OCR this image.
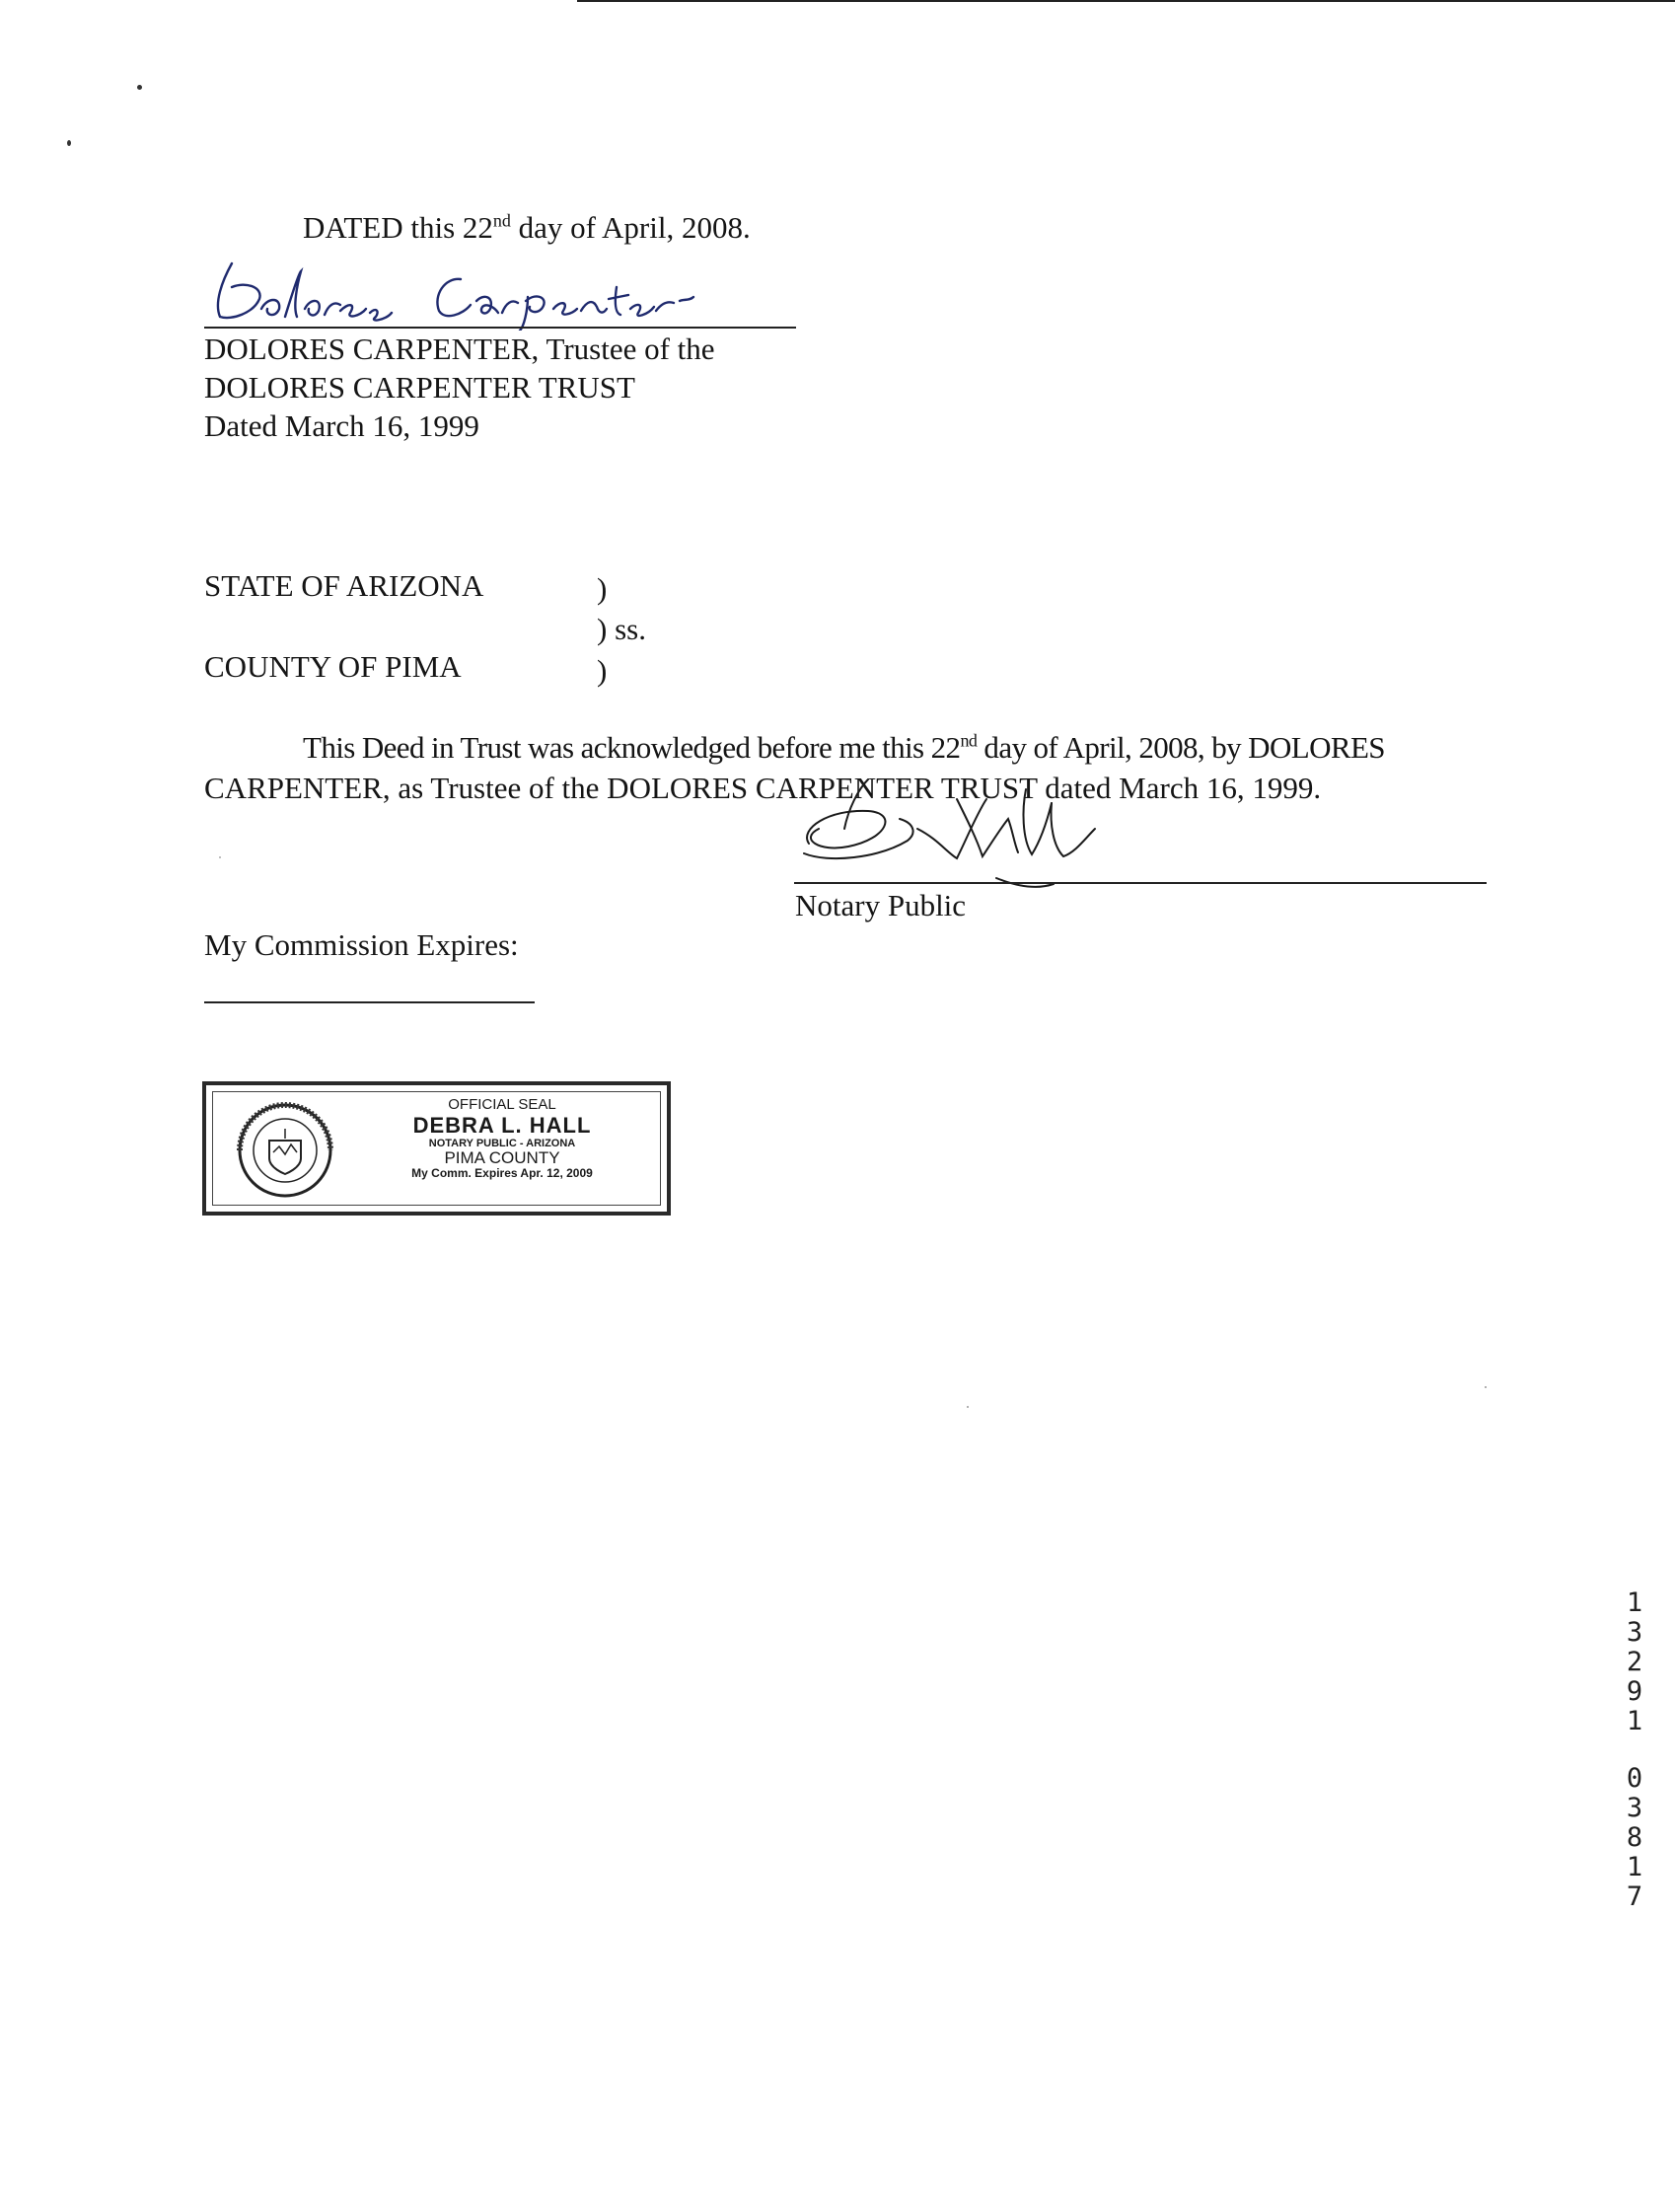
DATED this 22nd day of April, 2008.
DOLORES CARPENTER, Trustee of the
DOLORES CARPENTER TRUST
Dated March 16, 1999
STATE OF ARIZONA	)
) ss.
COUNTY OF PIMA	)
This Deed in Trust was acknowledged before me this 22nd day of April, 2008, by DOLORES
CARPENTER, as Trustee of the DOLORES CARPENTER TRUST dated March 16, 1999.
Notary Public
My Commission Expires:
OFFICIAL SEAL
DEBRA L. HALL
NOTARY PUBLIC - ARIZONA
PIMA COUNTY
My Comm. Expires Apr. 12, 2009
1
3
2
9
1
0
3
8
1
7
